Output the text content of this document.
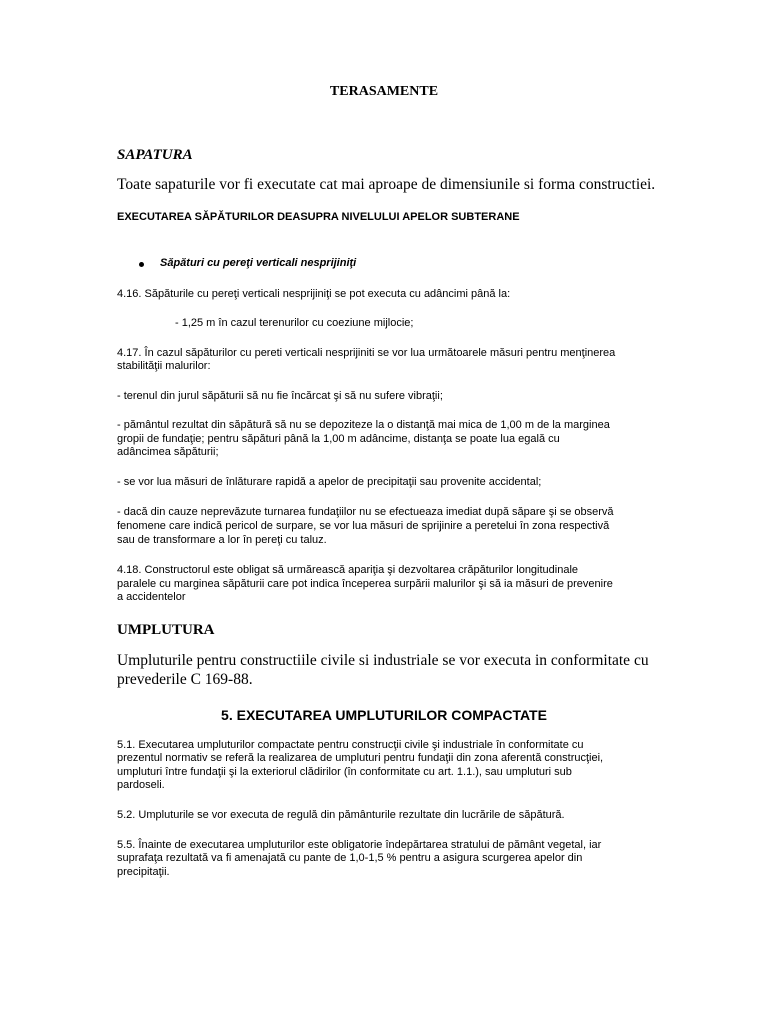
TERASAMENTE
SAPATURA
Toate sapaturile vor fi executate cat mai aproape de dimensiunile si forma constructiei.
EXECUTAREA SĂPĂTURILOR DEASUPRA NIVELULUI APELOR SUBTERANE
Săpături cu pereţi verticali nesprijiniţi
4.16. Săpăturile cu pereţi verticali nesprijiniţi se pot executa cu adâncimi până la:
- 1,25 m în cazul terenurilor cu coeziune mijlocie;
4.17. În cazul săpăturilor cu pereti verticali nesprijiniti se vor lua următoarele măsuri pentru menţinerea
stabilităţii malurilor:
- terenul din jurul săpăturii să nu fie încărcat şi să nu sufere vibraţii;
- pământul rezultat din săpătură să nu se depoziteze la o distanţă mai mica de 1,00 m de la marginea
gropii de fundaţie; pentru săpături până la 1,00 m adâncime, distanţa se poate lua egală cu
adâncimea săpăturii;
- se vor lua măsuri de înlăturare rapidă a apelor de precipitaţii sau provenite accidental;
- dacă din cauze neprevăzute turnarea fundaţiilor nu se efectueaza imediat după săpare şi se observă
fenomene care indică pericol de surpare, se vor lua măsuri de sprijinire a peretelui în zona respectivă
sau de transformare a lor în pereţi cu taluz.
4.18. Constructorul este obligat să urmărească apariţia şi dezvoltarea crăpăturilor longitudinale
paralele cu marginea săpăturii care pot indica începerea surpării malurilor şi să ia măsuri de prevenire
a accidentelor
UMPLUTURA
Umpluturile pentru constructiile civile si industriale se vor executa in conformitate cu
prevederile C 169-88.
5. EXECUTAREA UMPLUTURILOR COMPACTATE
5.1. Executarea umpluturilor compactate pentru construcţii civile şi industriale în conformitate cu
prezentul normativ se referă la realizarea de umpluturi pentru fundaţii din zona aferentă construcţiei,
umpluturi între fundaţii şi la exteriorul clădirilor (în conformitate cu art. 1.1.), sau umpluturi sub
pardoseli.
5.2. Umpluturile se vor executa de regulă din pământurile rezultate din lucrările de săpătură.
5.5. Înainte de executarea umpluturilor este obligatorie îndepărtarea stratului de pământ vegetal, iar
suprafaţa rezultată va fi amenajată cu pante de 1,0-1,5 % pentru a asigura scurgerea apelor din
precipitaţii.
